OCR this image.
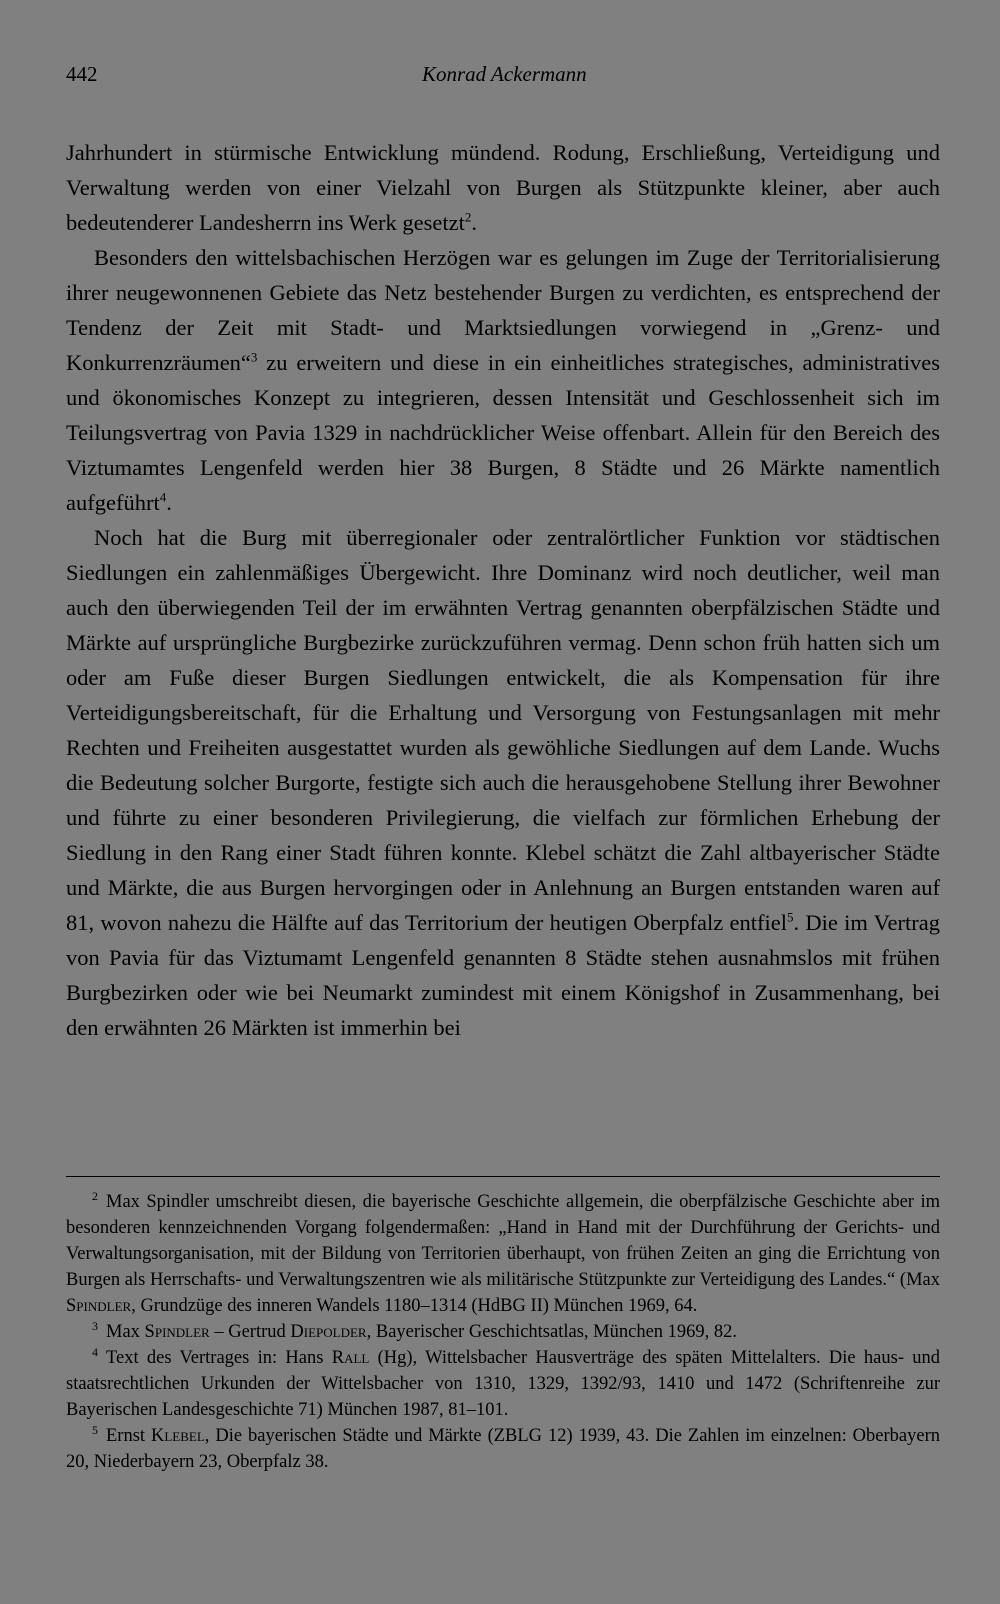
442	Konrad Ackermann

Jahrhundert in stürmische Entwicklung mündend. Rodung, Erschließung, Verteidigung und Verwaltung werden von einer Vielzahl von Burgen als Stützpunkte kleiner, aber auch bedeutenderer Landesherrn ins Werk gesetzt$^2$.

Besonders den wittelsbachischen Herzögen war es gelungen im Zuge der Territorialisierung ihrer neugewonnenen Gebiete das Netz bestehender Burgen zu verdichten, es entsprechend der Tendenz der Zeit mit Stadt- und Marktsiedlungen vorwiegend in „Grenz- und Konkurrenzräumen“$^3$ zu erweitern und diese in ein einheitliches strategisches, administratives und ökonomisches Konzept zu integrieren, dessen Intensität und Geschlossenheit sich im Teilungsvertrag von Pavia 1329 in nachdrücklicher Weise offenbart. Allein für den Bereich des Viztumamtes Lengenfeld werden hier 38 Burgen, 8 Städte und 26 Märkte namentlich aufgeführt$^4$.

Noch hat die Burg mit überregionaler oder zentralörtlicher Funktion vor städtischen Siedlungen ein zahlenmäßiges Übergewicht. Ihre Dominanz wird noch deutlicher, weil man auch den überwiegenden Teil der im erwähnten Vertrag genannten oberpfälzischen Städte und Märkte auf ursprüngliche Burgbezirke zurückzuführen vermag. Denn schon früh hatten sich um oder am Fuße dieser Burgen Siedlungen entwickelt, die als Kompensation für ihre Verteidigungsbereitschaft, für die Erhaltung und Versorgung von Festungsanlagen mit mehr Rechten und Freiheiten ausgestattet wurden als gewöhliche Siedlungen auf dem Lande. Wuchs die Bedeutung solcher Burgorte, festigte sich auch die herausgehobene Stellung ihrer Bewohner und führte zu einer besonderen Privilegierung, die vielfach zur förmlichen Erhebung der Siedlung in den Rang einer Stadt führen konnte. Klebel schätzt die Zahl altbayerischer Städte und Märkte, die aus Burgen hervorgingen oder in Anlehnung an Burgen entstanden waren auf 81, wovon nahezu die Hälfte auf das Territorium der heutigen Oberpfalz entfiel$^5$. Die im Vertrag von Pavia für das Viztumamt Lengenfeld genannten 8 Städte stehen ausnahmslos mit frühen Burgbezirken oder wie bei Neumarkt zumindest mit einem Königshof in Zusammenhang, bei den erwähnten 26 Märkten ist immerhin bei

$^2$ Max Spindler umschreibt diesen, die bayerische Geschichte allgemein, die oberpfälzische Geschichte aber im besonderen kennzeichnenden Vorgang folgendermaßen: „Hand in Hand mit der Durchführung der Gerichts- und Verwaltungsorganisation, mit der Bildung von Territorien überhaupt, von frühen Zeiten an ging die Errichtung von Burgen als Herrschafts- und Verwaltungszentren wie als militärische Stützpunkte zur Verteidigung des Landes.“ (Max Spindler, Grundzüge des inneren Wandels 1180–1314 (HdBG II) München 1969, 64.

$^3$ Max Spindler – Gertrud Diepolder, Bayerischer Geschichtsatlas, München 1969, 82.

$^4$ Text des Vertrages in: Hans Rall (Hg), Wittelsbacher Hausverträge des späten Mittelalters. Die haus- und staatsrechtlichen Urkunden der Wittelsbacher von 1310, 1329, 1392/93, 1410 und 1472 (Schriftenreihe zur Bayerischen Landesgeschichte 71) München 1987, 81–101.

$^5$ Ernst Klebel, Die bayerischen Städte und Märkte (ZBLG 12) 1939, 43. Die Zahlen im einzelnen: Oberbayern 20, Niederbayern 23, Oberpfalz 38.
